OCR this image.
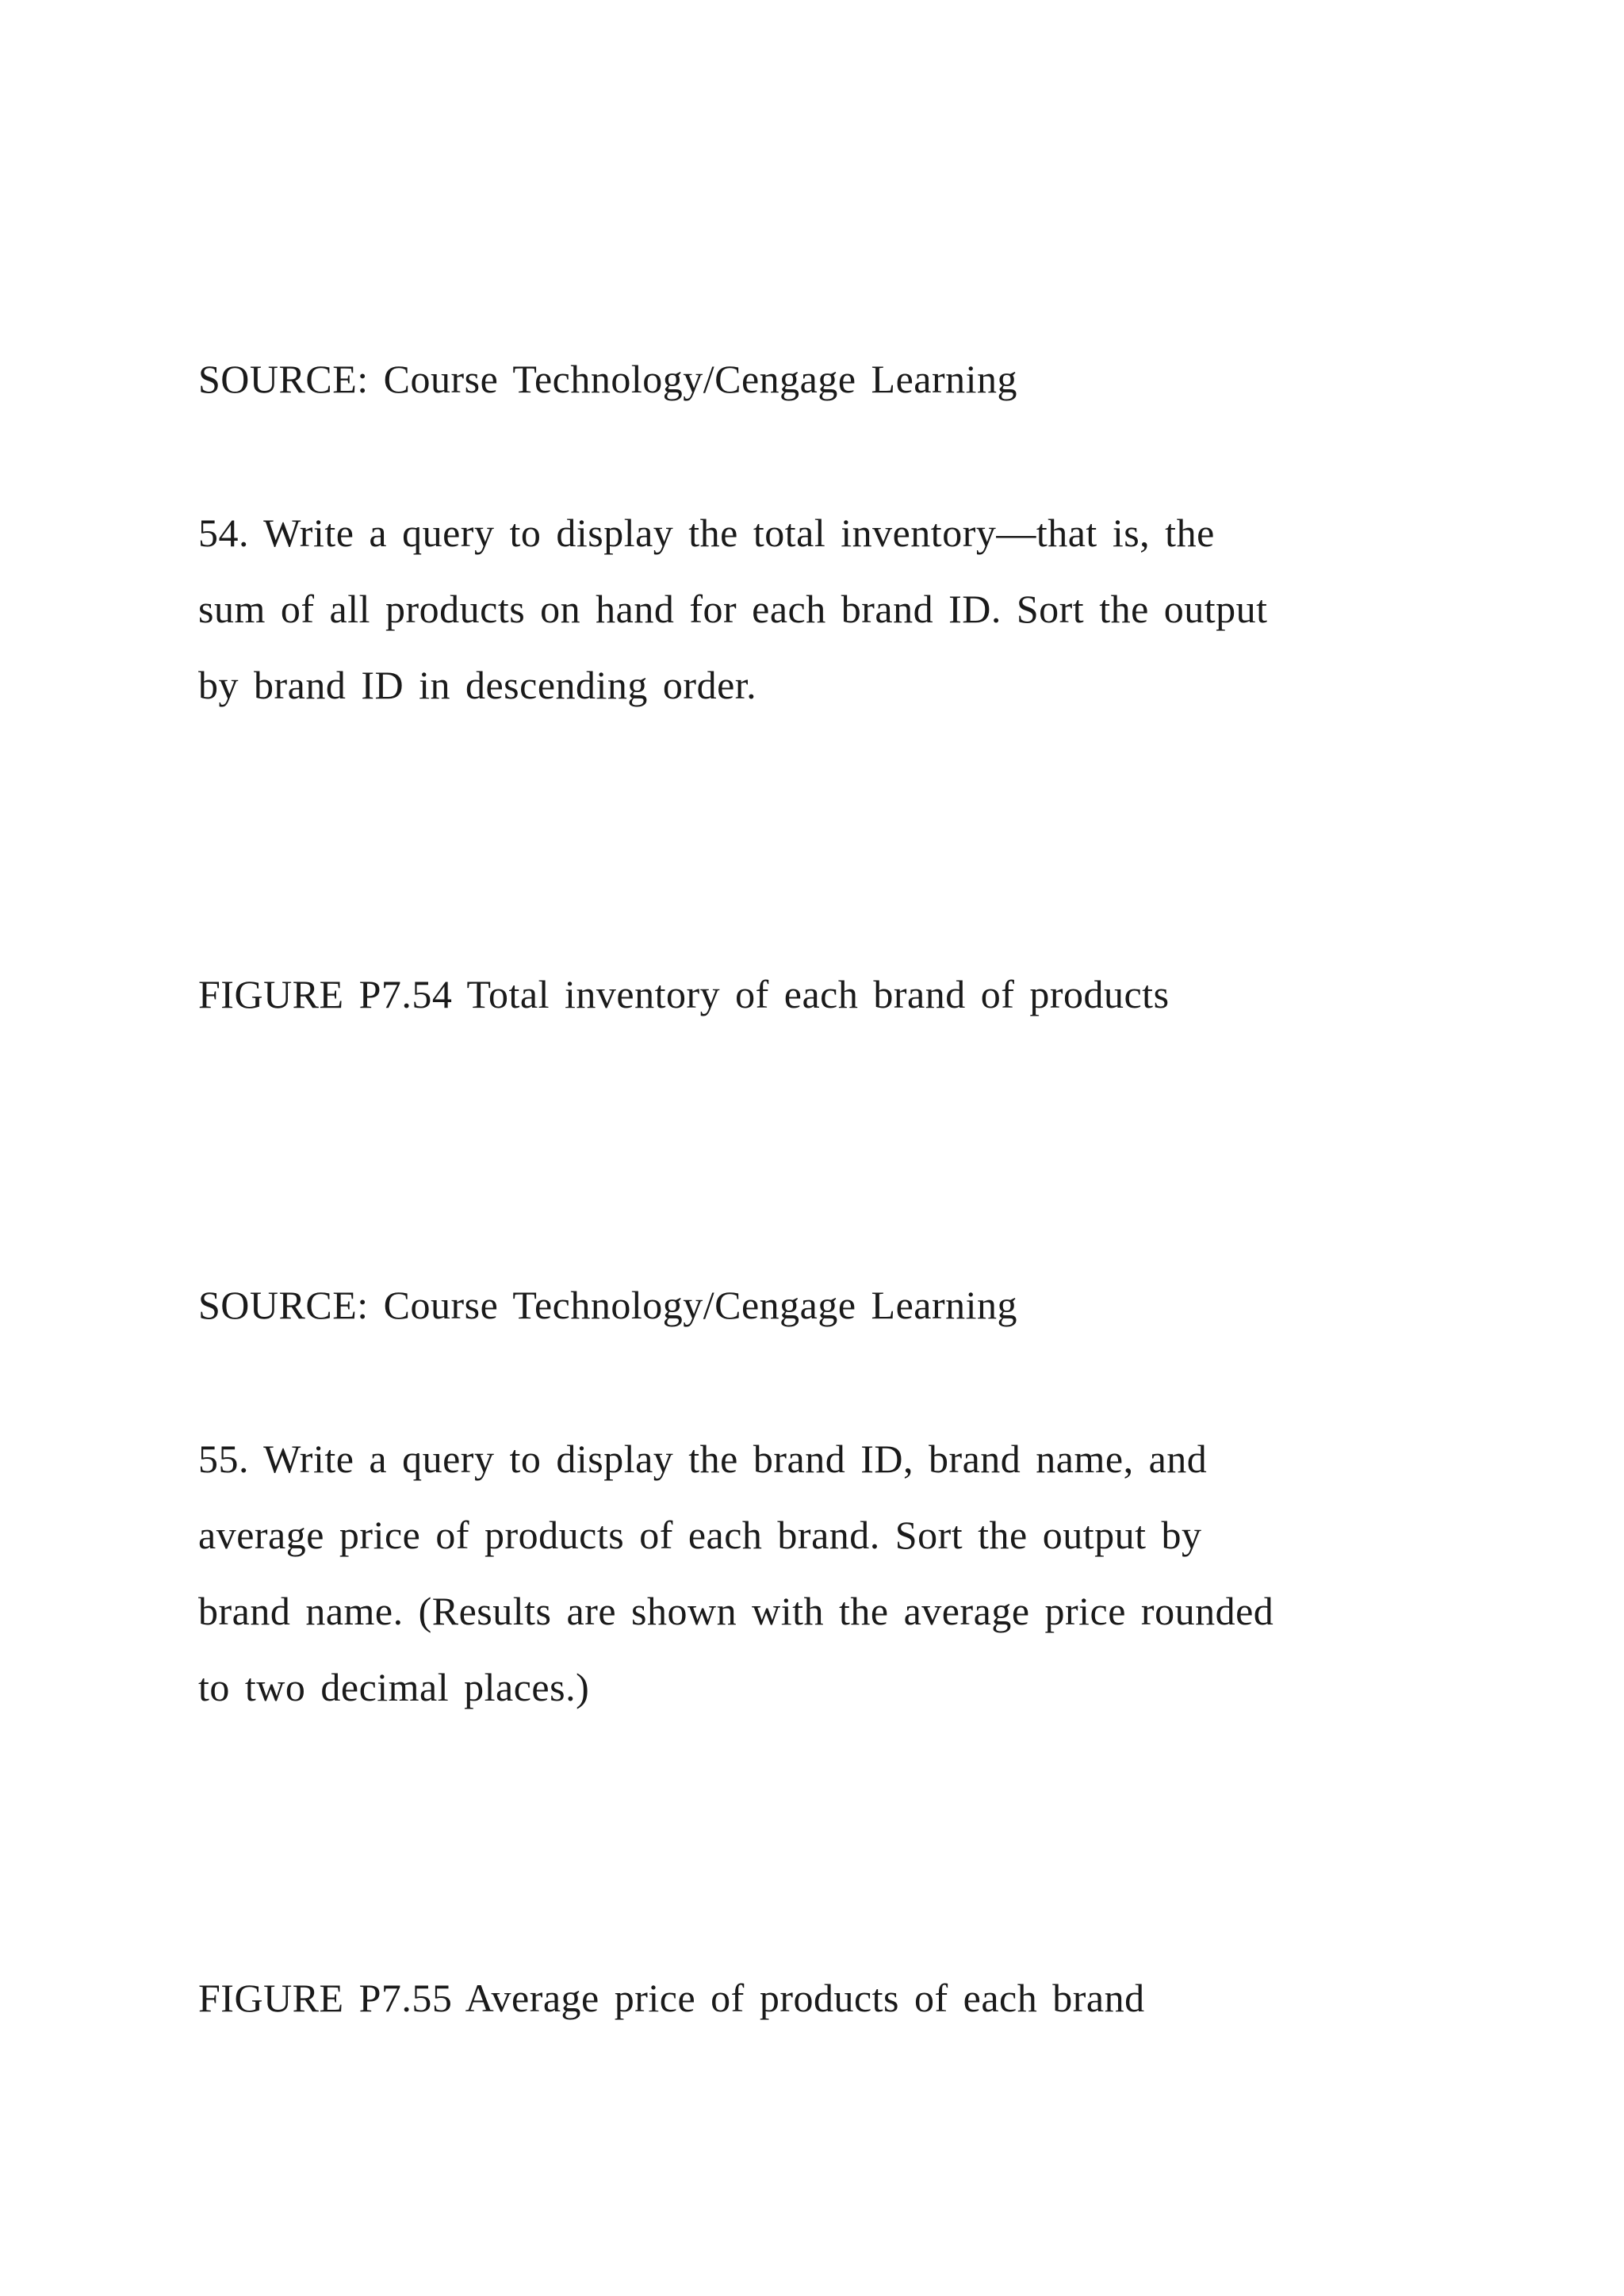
SOURCE: Course Technology/Cengage Learning
54. Write a query to display the total inventory—that is, the
sum of all products on hand for each brand ID. Sort the output
by brand ID in descending order.
FIGURE P7.54 Total inventory of each brand of products
SOURCE: Course Technology/Cengage Learning
55. Write a query to display the brand ID, brand name, and
average price of products of each brand. Sort the output by
brand name. (Results are shown with the average price rounded
to two decimal places.)
FIGURE P7.55 Average price of products of each brand
